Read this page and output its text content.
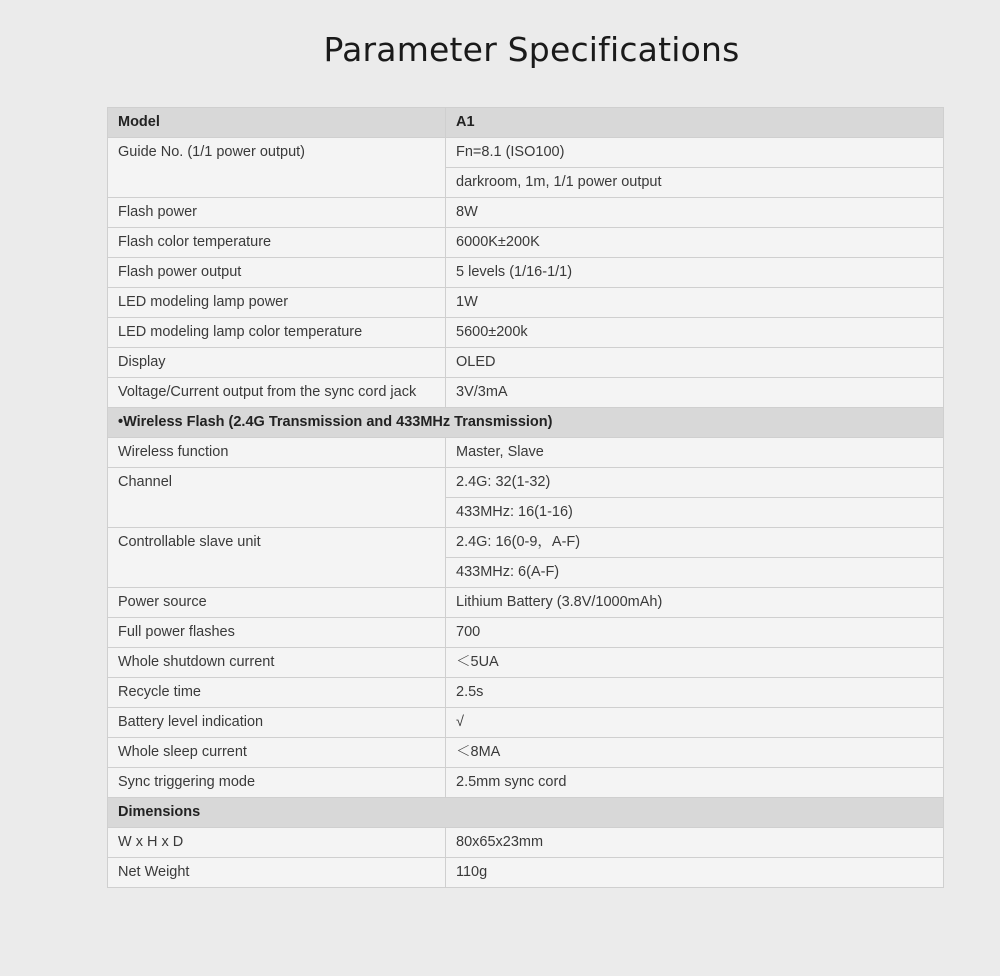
Parameter Specifications
Model	A1
Guide No. (1/1 power output)	Fn=8.1 (ISO100)
	darkroom, 1m, 1/1 power output
Flash power	8W
Flash color temperature	6000K±200K
Flash power output	5 levels (1/16-1/1)
LED modeling lamp power	1W
LED modeling lamp color temperature	5600±200k
Display	OLED
Voltage/Current output from the sync cord jack	3V/3mA
•Wireless Flash (2.4G Transmission and 433MHz Transmission)	
Wireless function	Master, Slave
Channel	2.4G: 32(1-32)
	433MHz: 16(1-16)
Controllable slave unit	2.4G: 16(0-9，A-F)
	433MHz: 6(A-F)
Power source	Lithium Battery (3.8V/1000mAh)
Full power flashes	700
Whole shutdown current	＜5UA
Recycle time	2.5s
Battery level indication	√
Whole sleep current	＜8MA
Sync triggering mode	2.5mm sync cord
Dimensions	
W x H x D	80x65x23mm
Net Weight	110g
